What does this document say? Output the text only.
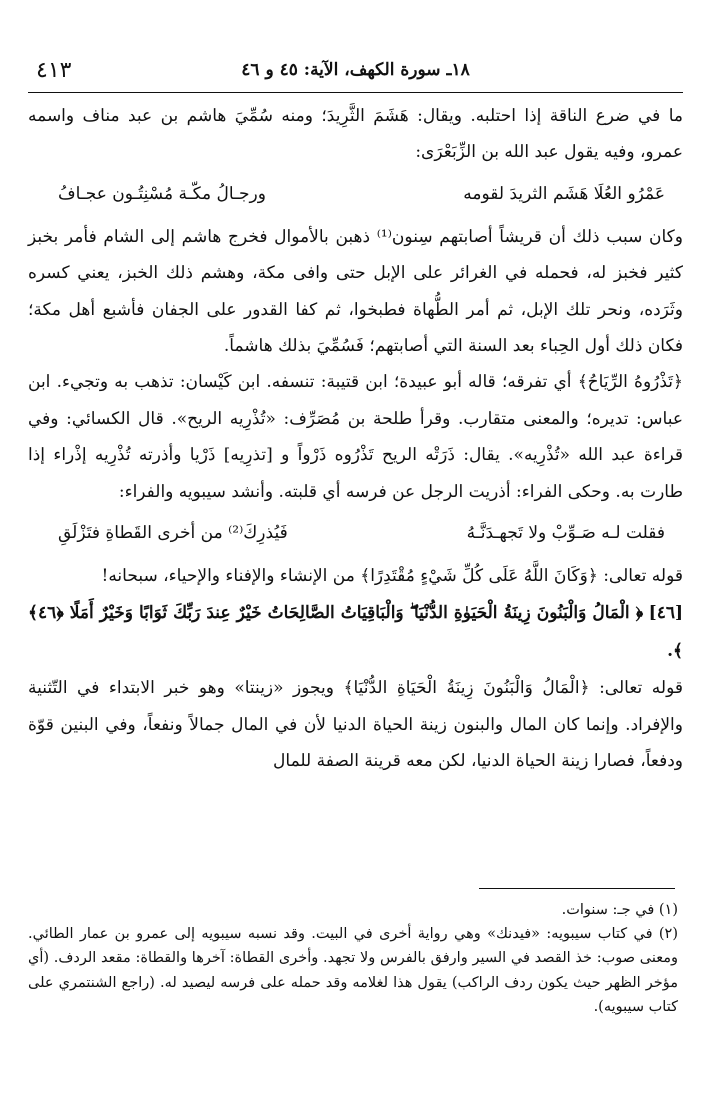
٤١٣	١٨ـ سورة الكهف، الآية: ٤٥ و ٤٦

ما في ضرع الناقة إذا احتلبه. ويقال: هَشَمَ الثَّرِيدَ؛ ومنه سُمِّيَ هاشم بن عبد مناف واسمه عمرو، وفيه يقول عبد الله بن الزِّبَعْرَى:

عَمْرُو العُلَا هَشَم الثريدَ لقومه
ورجـالُ مكّـة مُسْنِتُـون عجـافُ

وكان سبب ذلك أن قريشاً أصابتهم سِنون⁽¹⁾ ذهبن بالأموال فخرج هاشم إلى الشام فأمر بخبز كثير فخبز له، فحمله في الغرائر على الإبل حتى وافى مكة، وهشم ذلك الخبز، يعني كسره وثَرَده، ونحر تلك الإبل، ثم أمر الطُّهاة فطبخوا، ثم كفا القدور على الجفان فأشبع أهل مكة؛ فكان ذلك أول الحِباء بعد السنة التي أصابتهم؛ فَسُمِّيَ بذلك هاشماً.

﴿تَذْرُوهُ الرِّيَاحُ﴾ أي تفرقه؛ قاله أبو عبيدة؛ ابن قتيبة: تنسفه. ابن كَيْسان: تذهب به وتجيء. ابن عباس: تديره؛ والمعنى متقارب. وقرأ طلحة بن مُصَرِّف: «تُذْرِيه الريح». قال الكسائي: وفي قراءة عبد الله «تُذْرِيه». يقال: ذَرَتْه الريح تَذْرُوه ذَرْواً و [تذرِيه] ذَرْيا وأذرته تُذْرِيه إذْراء إذا طارت به. وحكى الفراء: أذريت الرجل عن فرسه أي قلبته. وأنشد سيبويه والفراء:

فقلت لـه صَـوِّبْ ولا تَجهـدَنَّـهُ
فَيُذرِكَ⁽²⁾ من أخرى القَطاةِ فتَزْلَقِ

قوله تعالى: ﴿وَكَانَ اللَّهُ عَلَى كُلِّ شَيْءٍ مُقْتَدِرًا﴾ من الإنشاء والإفناء والإحياء، سبحانه!

[٤٦] ﴿ الْمَالُ وَالْبَنُونَ زِينَةُ الْحَيَوٰةِ الدُّنْيَا ۖ وَالْبَاقِيَاتُ الصَّالِحَاتُ خَيْرٌ عِندَ رَبِّكَ ثَوَابًا وَخَيْرٌ أَمَلًا ﴿٤٦﴾ ﴾.

قوله تعالى: ﴿الْمَالُ وَالْبَنُونَ زِينَةُ الْحَيَاةِ الدُّنْيَا﴾ ويجوز «زينتا» وهو خبر الابتداء في التّثنية والإفراد. وإنما كان المال والبنون زينة الحياة الدنيا لأن في المال جمالاً ونفعاً، وفي البنين قوّة ودفعاً، فصارا زينة الحياة الدنيا، لكن معه قرينة الصفة للمال

(١) في جـ: سنوات.

(٢) في كتاب سيبويه: «فيدنك» وهي رواية أخرى في البيت. وقد نسبه سيبويه إلى عمرو بن عمار الطائي. ومعنى صوب: خذ القصد في السير وارفق بالفرس ولا تجهد. وأخرى القطاة: آخرها والقطاة: مقعد الردف. (أي مؤخر الظهر حيث يكون ردف الراكب) يقول هذا لغلامه وقد حمله على فرسه ليصيد له. (راجع الشنتمري على كتاب سيبويه).
